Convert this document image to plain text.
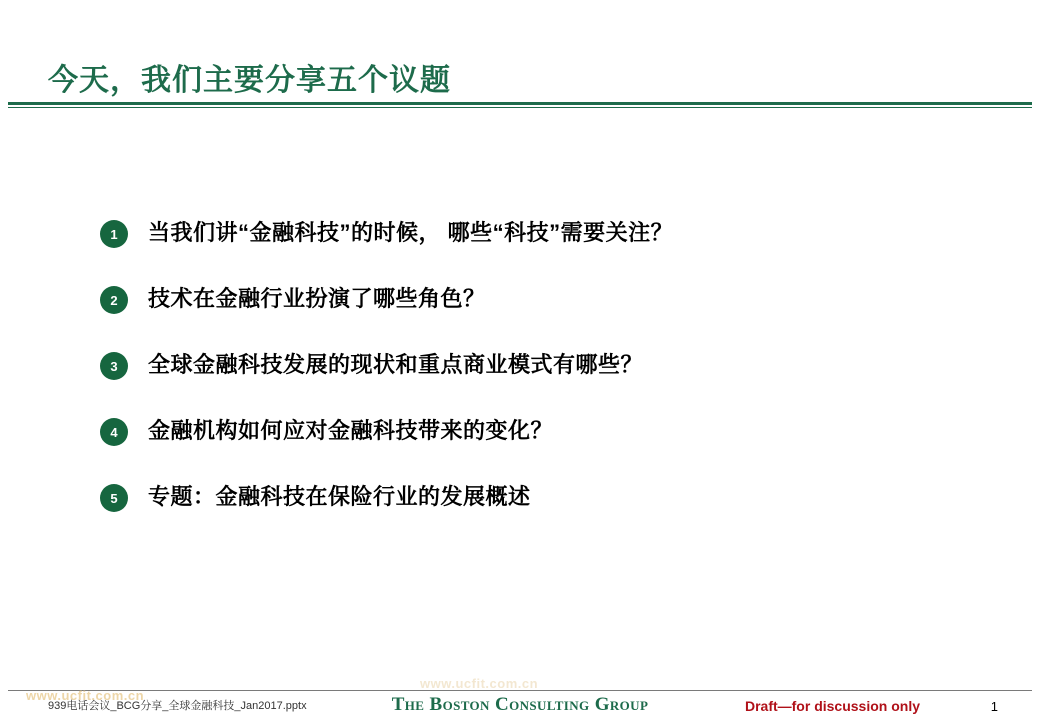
今天，我们主要分享五个议题
1	当我们讲“金融科技”的时候， 哪些“科技”需要关注？
2	技术在金融行业扮演了哪些角色？
3	全球金融科技发展的现状和重点商业模式有哪些？
4	金融机构如何应对金融科技带来的变化？
5	专题：金融科技在保险行业的发展概述
939电话会议_BCG分享_全球金融科技_Jan2017.pptx	The Boston Consulting Group	Draft—for discussion only	1
www.ucfit.com.cn
www.ucfit.com.cn
